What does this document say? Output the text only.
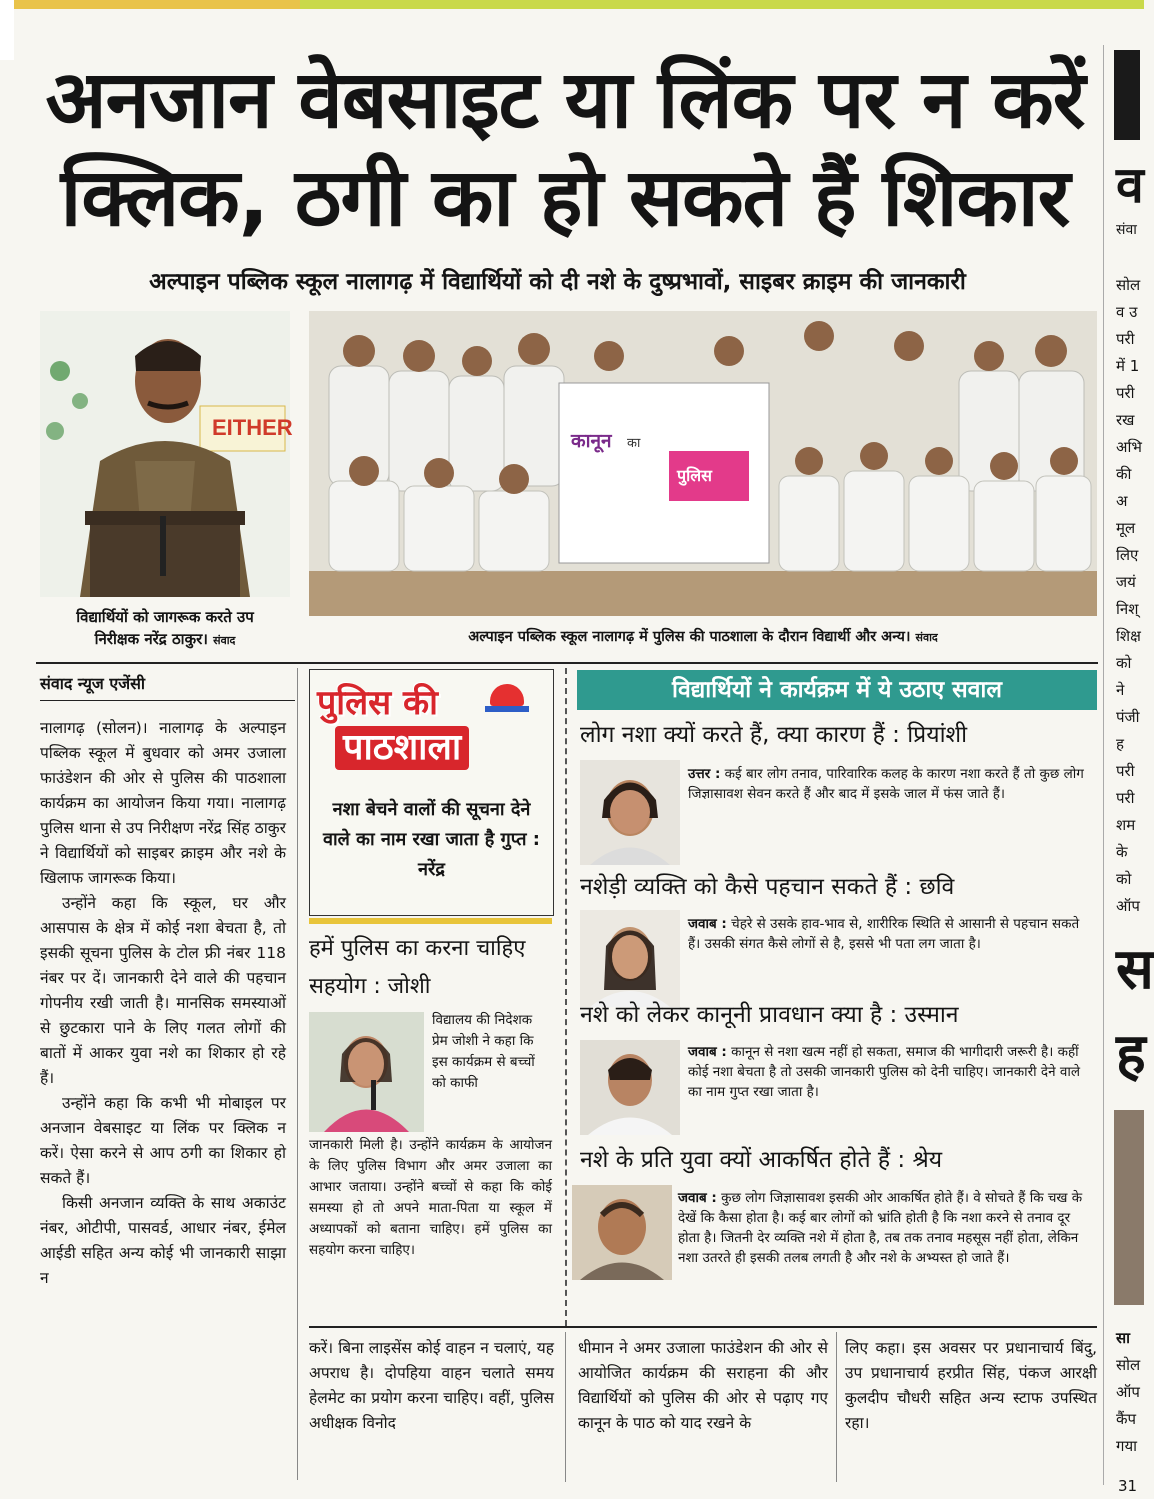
अनजान वेबसाइट या लिंक पर न करें
क्लिक, ठगी का हो सकते हैं शिकार
अल्पाइन पब्लिक स्कूल नालागढ़ में विद्यार्थियों को दी नशे के दुष्प्रभावों, साइबर क्राइम की जानकारी
EITHER
विद्यार्थियों को जागरूक करते उप
निरीक्षक नरेंद्र ठाकुर। संवाद
कानून का
पुलिस
अल्पाइन पब्लिक स्कूल नालागढ़ में पुलिस की पाठशाला के दौरान विद्यार्थी और अन्य। संवाद
संवाद न्यूज एजेंसी
नालागढ़ (सोलन)। नालागढ़ के अल्पाइन पब्लिक स्कूल में बुधवार को अमर उजाला फाउंडेशन की ओर से पुलिस की पाठशाला कार्यक्रम का आयोजन किया गया। नालागढ़ पुलिस थाना से उप निरीक्षण नरेंद्र सिंह ठाकुर ने विद्यार्थियों को साइबर क्राइम और नशे के खिलाफ जागरूक किया।
उन्होंने कहा कि स्कूल, घर और आसपास के क्षेत्र में कोई नशा बेचता है, तो इसकी सूचना पुलिस के टोल फ्री नंबर 118 नंबर पर दें। जानकारी देने वाले की पहचान गोपनीय रखी जाती है। मानसिक समस्याओं से छुटकारा पाने के लिए गलत लोगों की बातों में आकर युवा नशे का शिकार हो रहे हैं।
उन्होंने कहा कि कभी भी मोबाइल पर अनजान वेबसाइट या लिंक पर क्लिक न करें। ऐसा करने से आप ठगी का शिकार हो सकते हैं।
किसी अनजान व्यक्ति के साथ अकाउंट नंबर, ओटीपी, पासवर्ड, आधार नंबर, ईमेल आईडी सहित अन्य कोई भी जानकारी साझा न
पुलिस की
पाठशाला
नशा बेचने वालों की सूचना देने वाले का नाम रखा जाता है गुप्त : नरेंद्र
हमें पुलिस का करना चाहिए सहयोग : जोशी
विद्यालय की निदेशक प्रेम जोशी ने कहा कि इस कार्यक्रम से बच्चों को काफी
जानकारी मिली है। उन्होंने कार्यक्रम के आयोजन के लिए पुलिस विभाग और अमर उजाला का आभार जताया। उन्होंने बच्चों से कहा कि कोई समस्या हो तो अपने माता-पिता या स्कूल में अध्यापकों को बताना चाहिए। हमें पुलिस का सहयोग करना चाहिए।
विद्यार्थियों ने कार्यक्रम में ये उठाए सवाल
लोग नशा क्यों करते हैं, क्या कारण हैं : प्रियांशी
उत्तर : कई बार लोग तनाव, पारिवारिक कलह के कारण नशा करते हैं तो कुछ लोग जिज्ञासावश सेवन करते हैं और बाद में इसके जाल में फंस जाते हैं।
नशेड़ी व्यक्ति को कैसे पहचान सकते हैं : छवि
जवाब : चेहरे से उसके हाव-भाव से, शारीरिक स्थिति से आसानी से पहचान सकते हैं। उसकी संगत कैसे लोगों से है, इससे भी पता लग जाता है।
नशे को लेकर कानूनी प्रावधान क्या है : उस्मान
जवाब : कानून से नशा खत्म नहीं हो सकता, समाज की भागीदारी जरूरी है। कहीं कोई नशा बेचता है तो उसकी जानकारी पुलिस को देनी चाहिए। जानकारी देने वाले का नाम गुप्त रखा जाता है।
नशे के प्रति युवा क्यों आकर्षित होते हैं : श्रेय
जवाब : कुछ लोग जिज्ञासावश इसकी ओर आकर्षित होते हैं। वे सोचते हैं कि चख के देखें कि कैसा होता है। कई बार लोगों को भ्रांति होती है कि नशा करने से तनाव दूर होता है। जितनी देर व्यक्ति नशे में होता है, तब तक तनाव महसूस नहीं होता, लेकिन नशा उतरते ही इसकी तलब लगती है और नशे के अभ्यस्त हो जाते हैं।
करें। बिना लाइसेंस कोई वाहन न चलाएं, यह अपराध है। दोपहिया वाहन चलाते समय हेलमेट का प्रयोग करना चाहिए। वहीं, पुलिस अधीक्षक विनोद
धीमान ने अमर उजाला फाउंडेशन की ओर से आयोजित कार्यक्रम की सराहना की और विद्यार्थियों को पुलिस की ओर से पढ़ाए गए कानून के पाठ को याद रखने के
लिए कहा। इस अवसर पर प्रधानाचार्य बिंदु, उप प्रधानाचार्य हरप्रीत सिंह, पंकज आरक्षी कुलदीप चौधरी सहित अन्य स्टाफ उपस्थित रहा।
व
संवा
सोल
व उ
परी
में 1
परी
रख
अभि
की
अ
मूल
लिए
जयं
निश्
शिक्ष
को
ने
पंजी
ह
परी
परी
शम
के
को
ऑप
स
ह
सा
सोल
ऑप
कैंप
गया
31
